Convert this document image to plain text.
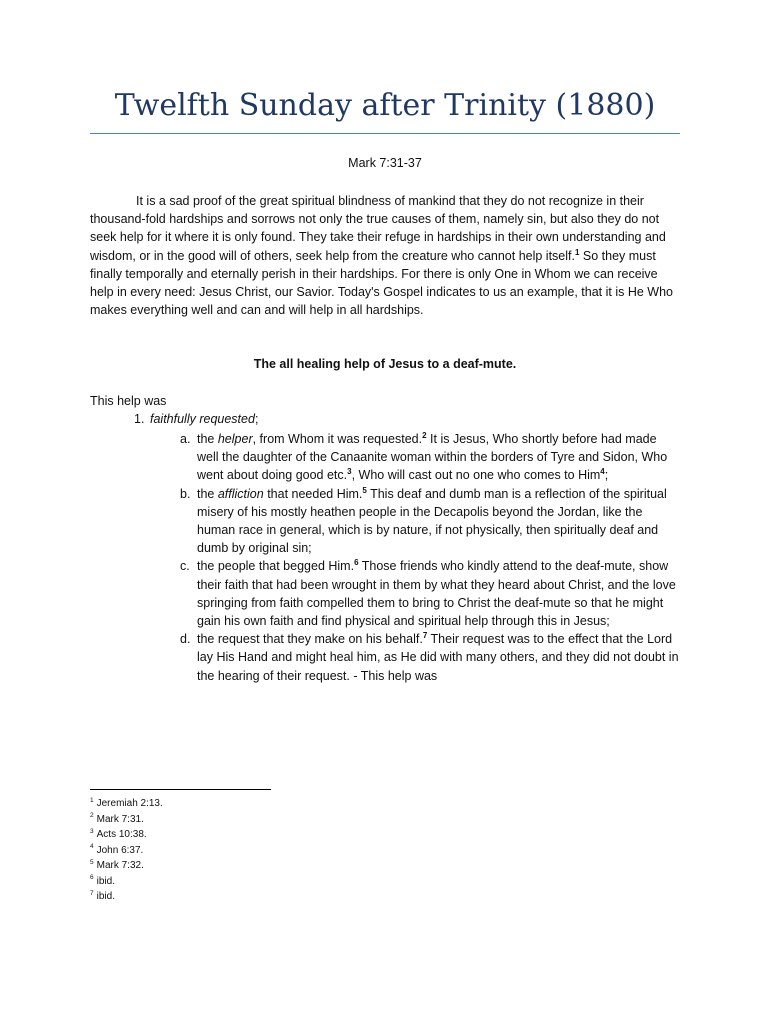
Twelfth Sunday after Trinity (1880)
Mark 7:31-37

It is a sad proof of the great spiritual blindness of mankind that they do not recognize in their thousand-fold hardships and sorrows not only the true causes of them, namely sin, but also they do not seek help for it where it is only found. They take their refuge in hardships in their own understanding and wisdom, or in the good will of others, seek help from the creature who cannot help itself.$^1$ So they must finally temporally and eternally perish in their hardships. For there is only One in Whom we can receive help in every need: Jesus Christ, our Savior. Today's Gospel indicates to us an example, that it is He Who makes everything well and can and will help in all hardships.

The all healing help of Jesus to a deaf-mute.
This help was
1. faithfully requested;
a. the helper, from Whom it was requested.$^2$ It is Jesus, Who shortly before had made well the daughter of the Canaanite woman within the borders of Tyre and Sidon, Who went about doing good etc.$^3$, Who will cast out no one who comes to Him$^4$;
b. the affliction that needed Him.$^5$ This deaf and dumb man is a reflection of the spiritual misery of his mostly heathen people in the Decapolis beyond the Jordan, like the human race in general, which is by nature, if not physically, then spiritually deaf and dumb by original sin;
c. the people that begged Him.$^6$ Those friends who kindly attend to the deaf-mute, show their faith that had been wrought in them by what they heard about Christ, and the love springing from faith compelled them to bring to Christ the deaf-mute so that he might gain his own faith and find physical and spiritual help through this in Jesus;
d. the request that they make on his behalf.$^7$ Their request was to the effect that the Lord lay His Hand and might heal him, as He did with many others, and they did not doubt in the hearing of their request. - This help was
$^1$ Jeremiah 2:13.
$^2$ Mark 7:31.
$^3$ Acts 10:38.
$^4$ John 6:37.
$^5$ Mark 7:32.
$^6$ ibid.
$^7$ ibid.
